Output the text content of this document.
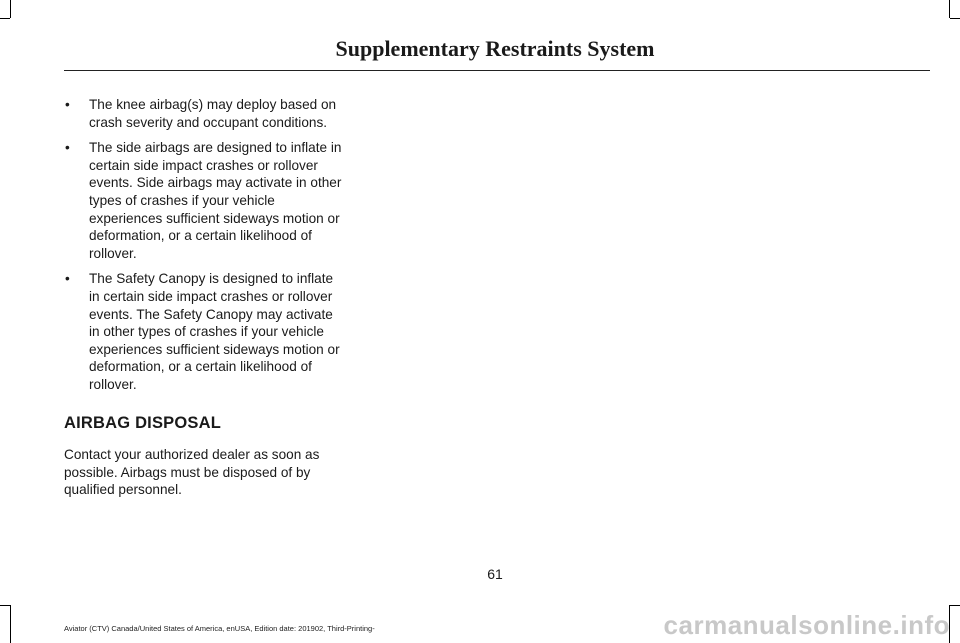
Supplementary Restraints System
• The knee airbag(s) may deploy based on crash severity and occupant conditions.
• The side airbags are designed to inflate in certain side impact crashes or rollover events. Side airbags may activate in other types of crashes if your vehicle experiences sufficient sideways motion or deformation, or a certain likelihood of rollover.
• The Safety Canopy is designed to inflate in certain side impact crashes or rollover events. The Safety Canopy may activate in other types of crashes if your vehicle experiences sufficient sideways motion or deformation, or a certain likelihood of rollover.
AIRBAG DISPOSAL

Contact your authorized dealer as soon as possible. Airbags must be disposed of by qualified personnel.

61
Aviator (CTV) Canada/United States of America, enUSA, Edition date: 201902, Third-Printing-	carmanualsonline.info
